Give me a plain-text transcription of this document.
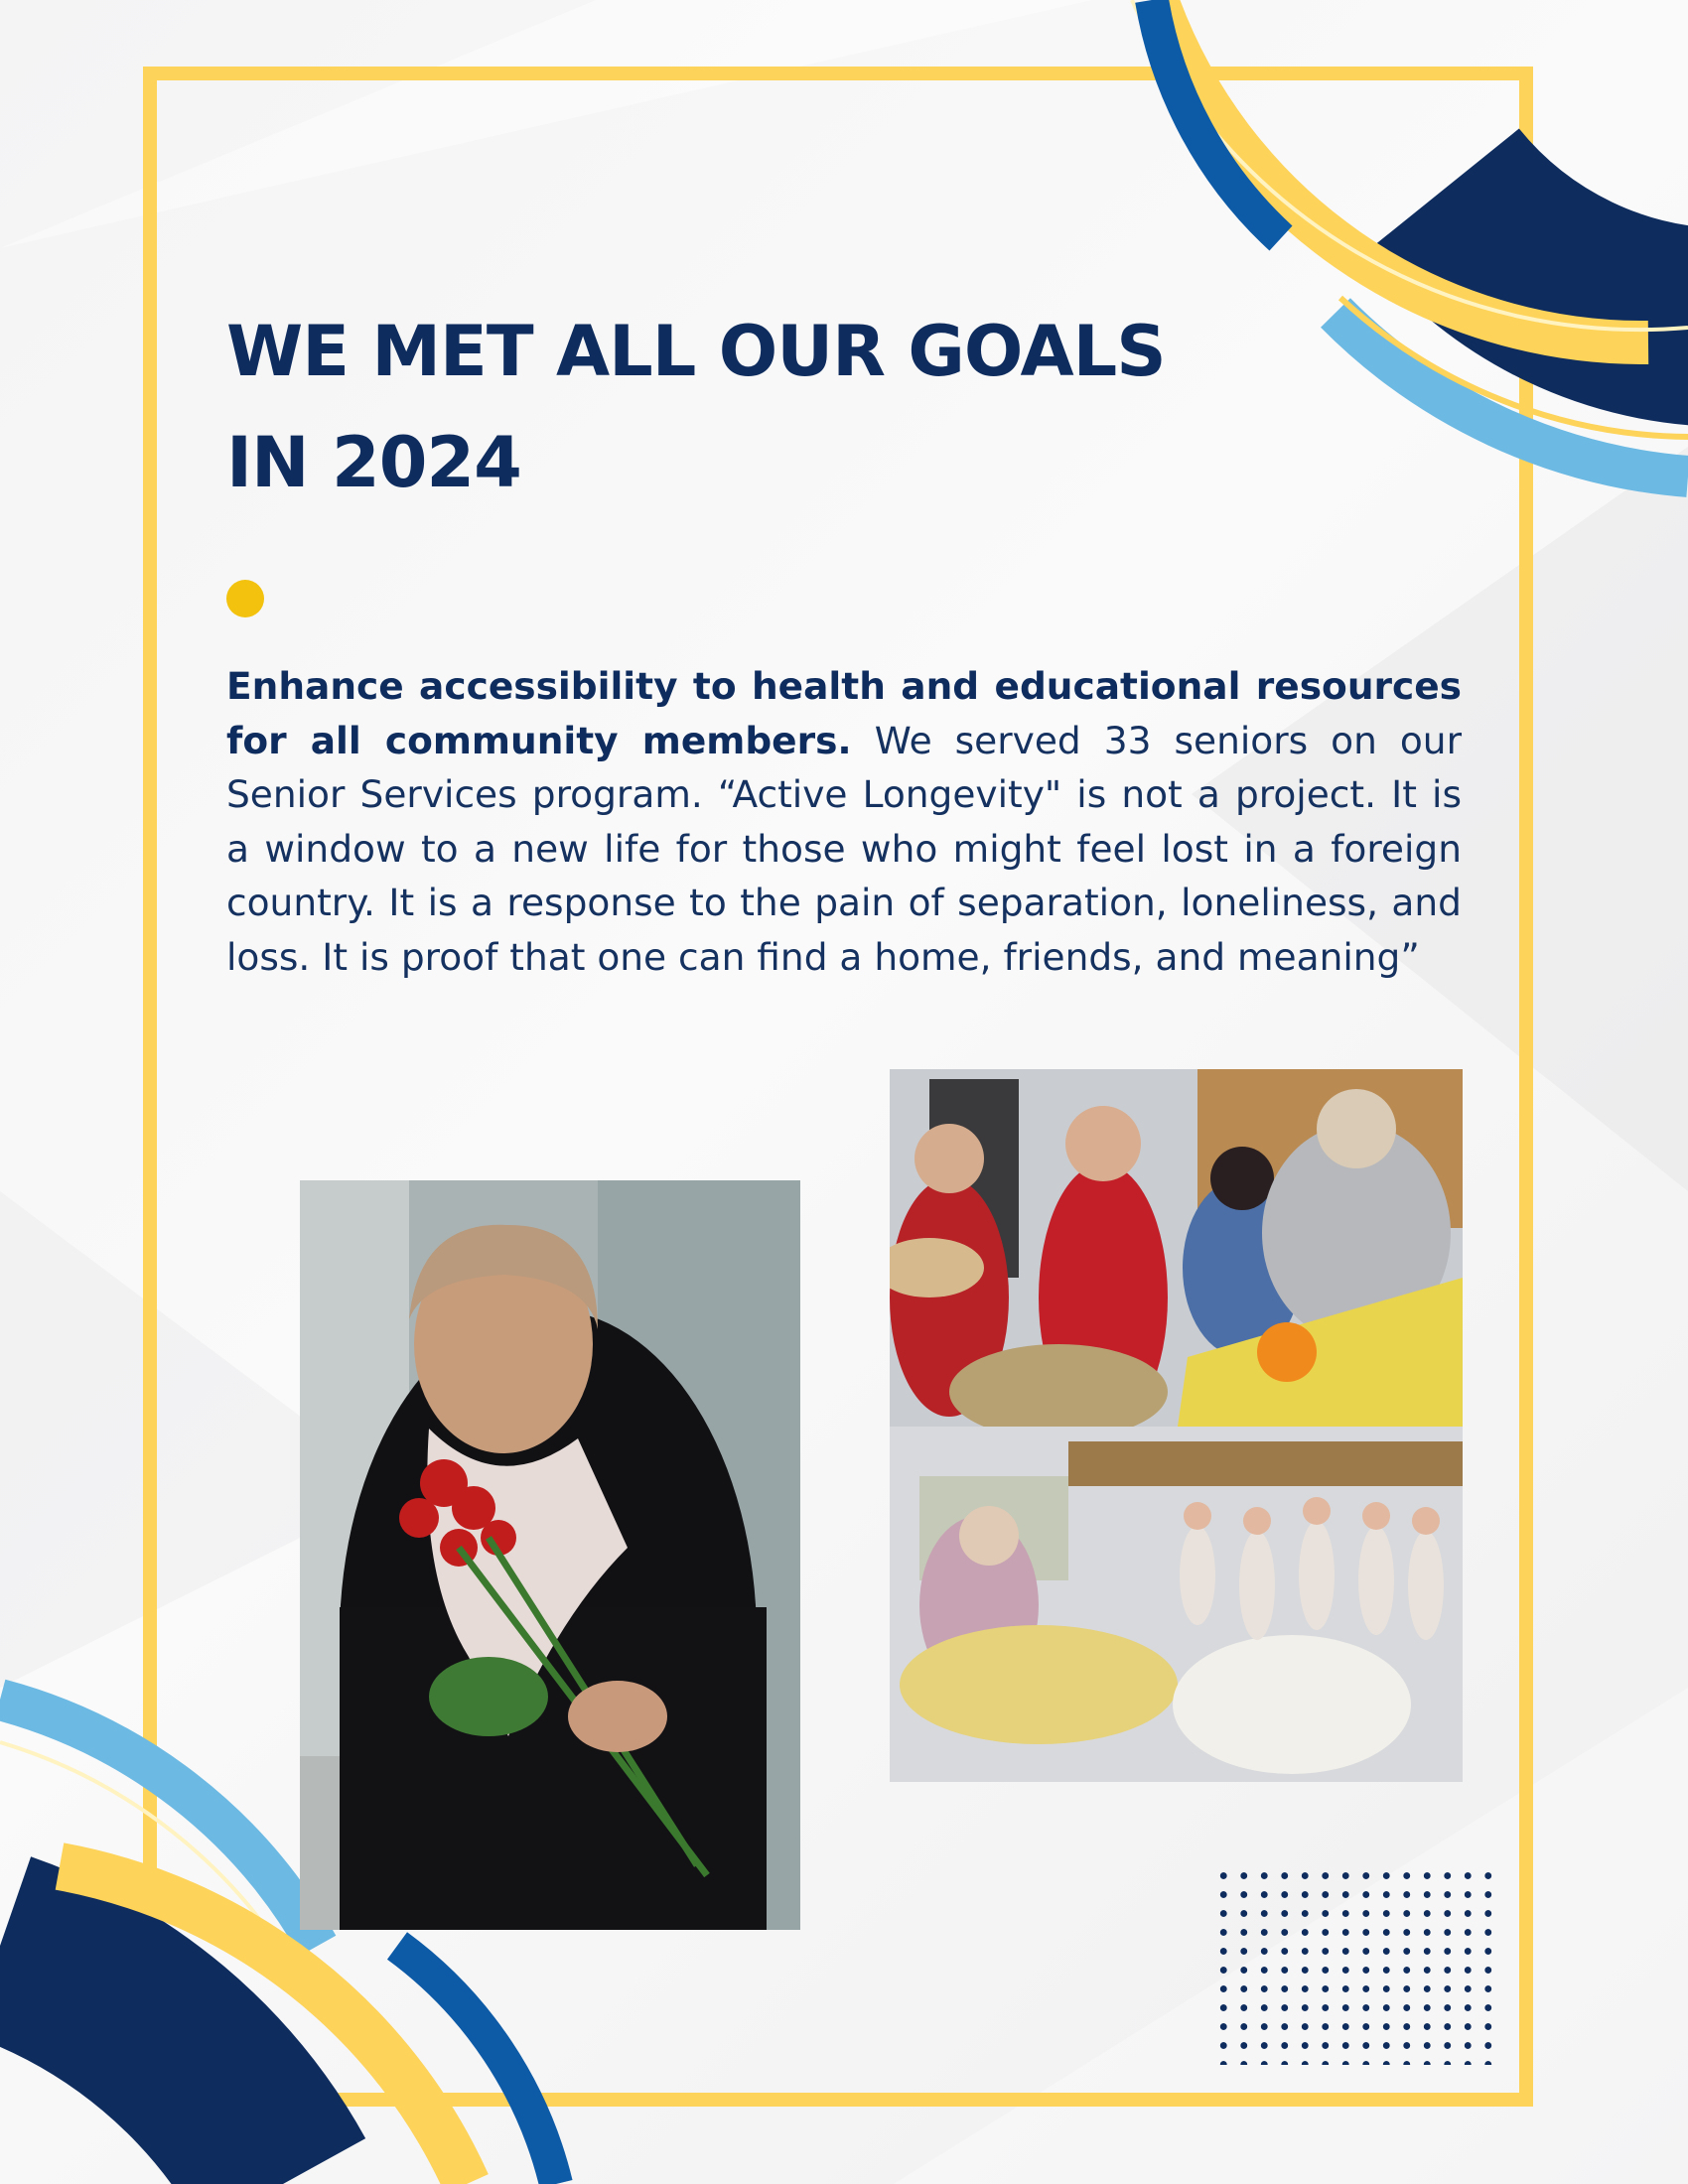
WE MET ALL OUR GOALS
IN 2024

Enhance accessibility to health and educational resources for all community members. We served 33 seniors on our Senior Services program. “Active Longevity" is not a project. It is a window to a new life for those who might feel lost in a foreign country. It is a response to the pain of separation, loneliness, and loss. It is proof that one can find a home, friends, and meaning”
